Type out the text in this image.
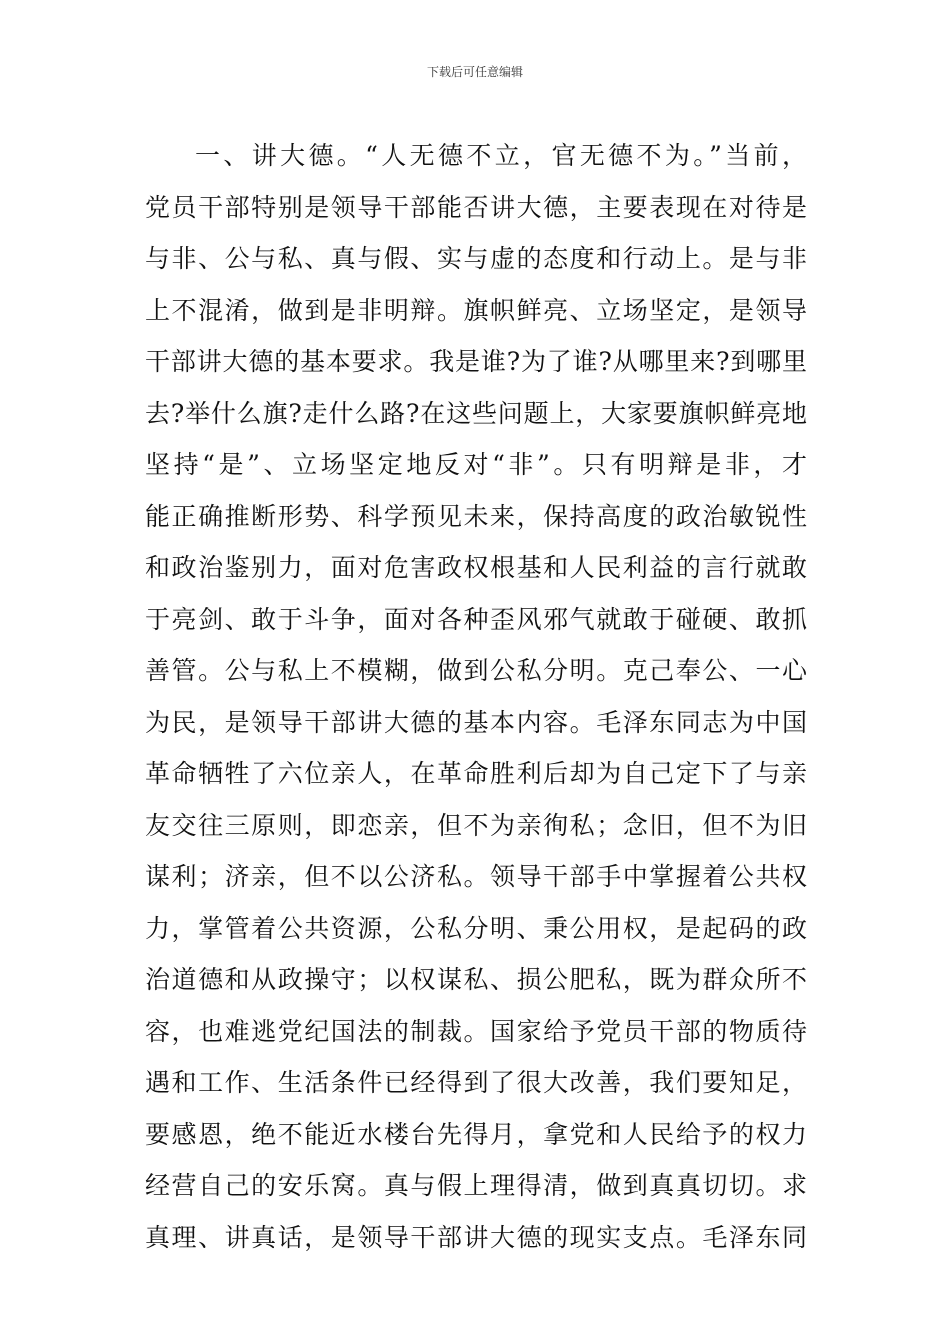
下载后可任意编辑
一、讲大德。“人无德不立，官无德不为。”当前，
党员干部特别是领导干部能否讲大德，主要表现在对待是
与非、公与私、真与假、实与虚的态度和行动上。是与非
上不混淆，做到是非明辩。旗帜鲜亮、立场坚定，是领导
干部讲大德的基本要求。我是谁?为了谁?从哪里来?到哪里
去?举什么旗?走什么路?在这些问题上，大家要旗帜鲜亮地
坚持“是”、立场坚定地反对“非”。只有明辩是非，才
能正确推断形势、科学预见未来，保持高度的政治敏锐性
和政治鉴别力，面对危害政权根基和人民利益的言行就敢
于亮剑、敢于斗争，面对各种歪风邪气就敢于碰硬、敢抓
善管。公与私上不模糊，做到公私分明。克己奉公、一心
为民，是领导干部讲大德的基本内容。毛泽东同志为中国
革命牺牲了六位亲人，在革命胜利后却为自己定下了与亲
友交往三原则，即恋亲，但不为亲徇私；念旧，但不为旧
谋利；济亲，但不以公济私。领导干部手中掌握着公共权
力，掌管着公共资源，公私分明、秉公用权，是起码的政
治道德和从政操守；以权谋私、损公肥私，既为群众所不
容，也难逃党纪国法的制裁。国家给予党员干部的物质待
遇和工作、生活条件已经得到了很大改善，我们要知足，
要感恩，绝不能近水楼台先得月，拿党和人民给予的权力
经营自己的安乐窝。真与假上理得清，做到真真切切。求
真理、讲真话，是领导干部讲大德的现实支点。毛泽东同
